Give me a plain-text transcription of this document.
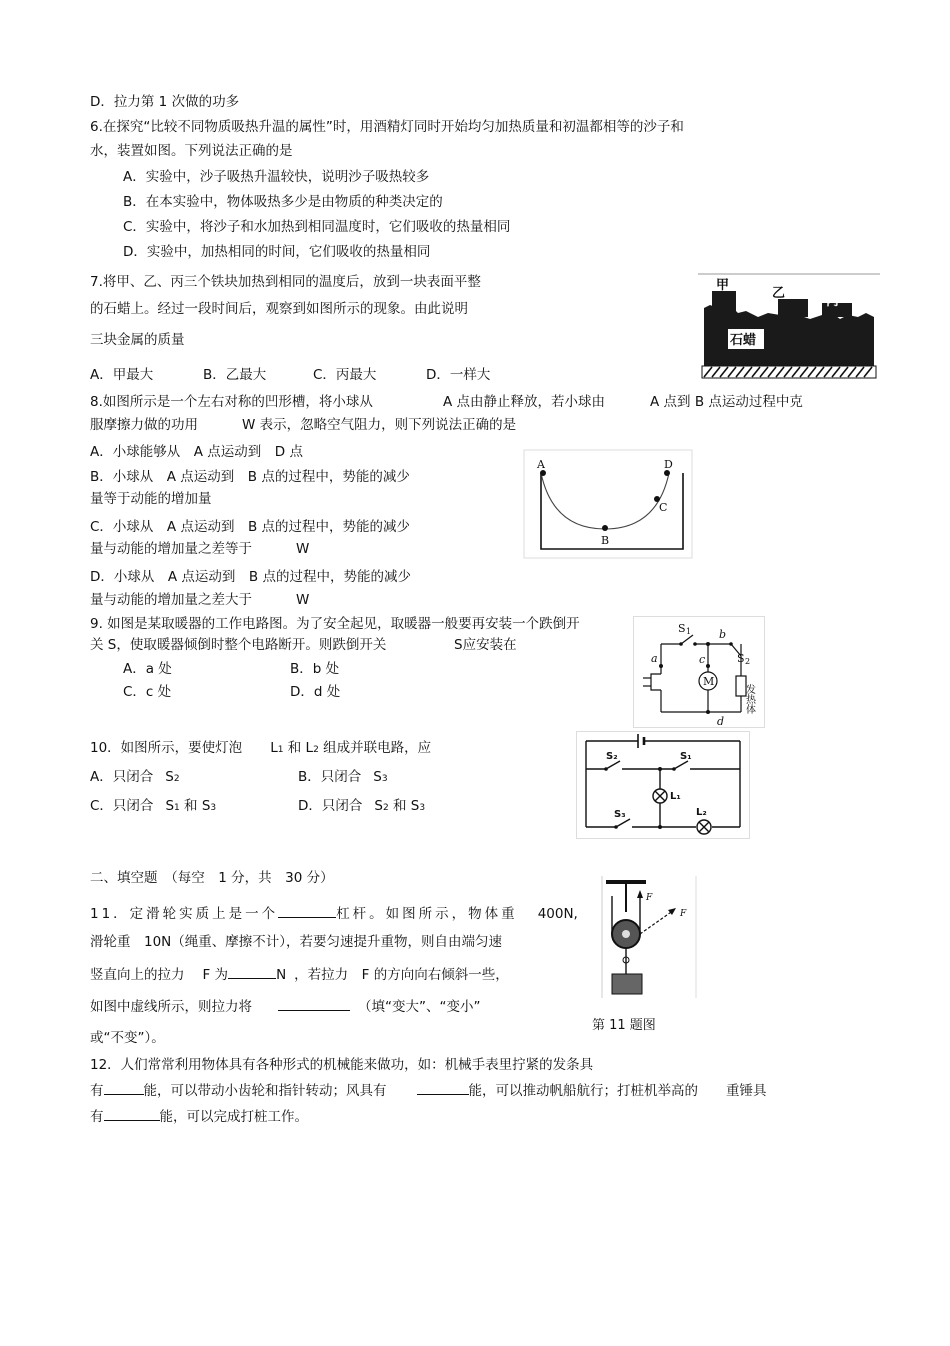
D．拉力第 1 次做的功多
6.在探究“比较不同物质吸热升温的属性”时，用酒精灯同时开始均匀加热质量和初温都相等的沙子和
水，装置如图。下列说法正确的是
A．实验中，沙子吸热升温较快，说明沙子吸热较多
B．在本实验中，物体吸热多少是由物质的种类决定的
C．实验中，将沙子和水加热到相同温度时，它们吸收的热量相同
D．实验中，加热相同的时间，它们吸收的热量相同
7.将甲、乙、丙三个铁块加热到相同的温度后，放到一块表面平整
的石蜡上。经过一段时间后，观察到如图所示的现象。由此说明
三块金属的质量
A．甲最大	B．乙最大	C．丙最大	D．一样大
甲
乙
丙
石蜡
8.如图所示是一个左右对称的凹形槽，将小球从	A 点由静止释放，若小球由	A 点到 B 点运动过程中克
服摩擦力做的功用	W 表示，忽略空气阻力，则下列说法正确的是
A．小球能够从　A 点运动到　D 点
B．小球从　A 点运动到　B 点的过程中，势能的减少
量等于动能的增加量
C．小球从　A 点运动到　B 点的过程中，势能的减少
量与动能的增加量之差等于	W
D．小球从　A 点运动到　B 点的过程中，势能的减少
量与动能的增加量之差大于	W
A	D
C
B
9. 如图是某取暖器的工作电路图。为了安全起见，取暖器一般要再安装一个跌倒开
关 S，使取暖器倾倒时整个电路断开。则跌倒开关	S应安装在
A．a 处	B．b 处
C．c 处	D．d 处
S 1	b
S 2
a	c
M
d
发热体
10．如图所示，要使灯泡 L1 和 L2 组成并联电路，应
A．只闭合 S2	B．只闭合 S3
C．只闭合 S1 和 S3	D．只闭合 S2 和 S3
S₂	S₁
S₃
L₁
L₂
二、填空题　（每空　1 分，共　30 分）
11．定滑轮实质上是一个	杠杆。如图所示，物体重 400N,
滑轮重　10N（绳重、摩擦不计），若要匀速提升重物，则自由端匀速
竖直向上的拉力 F 为	N ，若拉力　F 的方向向右倾斜一些，
如图中虚线所示，则拉力将	（填“变大”、“变小”
或“不变”）。
F
F
第 11 题图
12．人们常常利用物体具有各种形式的机械能来做功，如：机械手表里拧紧的发条具
有	能，可以带动小齿轮和指针转动；风具有	能，可以推动帆船航行；打桩机举高的 重锤具
有	能，可以完成打桩工作。
